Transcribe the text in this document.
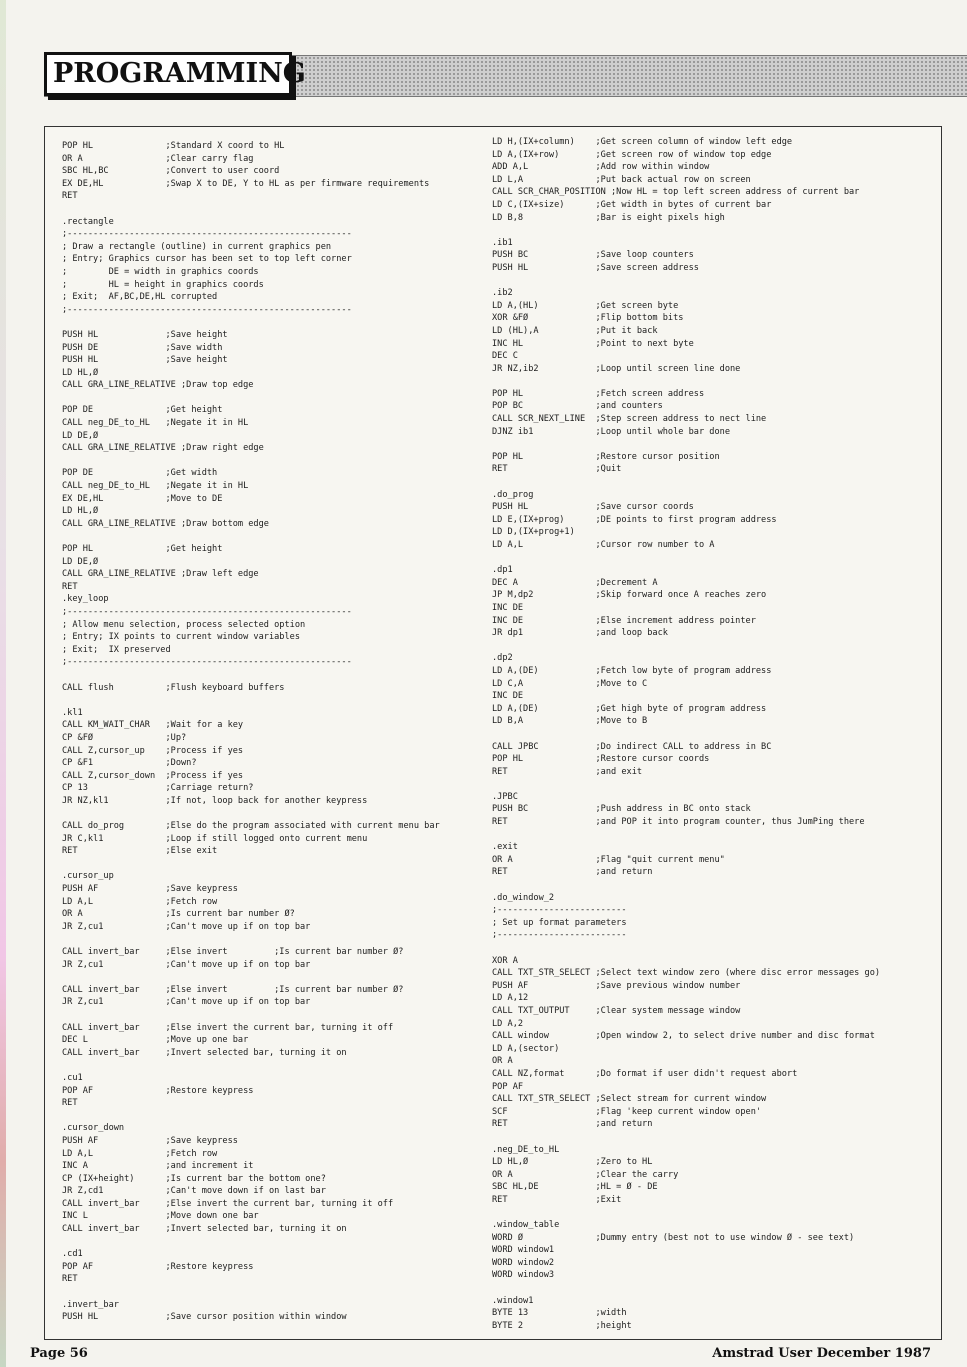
PROGRAMMING
POP HL              ;Standard X coord to HL
OR A                ;Clear carry flag
SBC HL,BC           ;Convert to user coord
EX DE,HL            ;Swap X to DE, Y to HL as per firmware requirements
RET

.rectangle
;-------------------------------------------------------
; Draw a rectangle (outline) in current graphics pen
; Entry; Graphics cursor has been set to top left corner
;        DE = width in graphics coords
;        HL = height in graphics coords
; Exit;  AF,BC,DE,HL corrupted
;-------------------------------------------------------

PUSH HL             ;Save height
PUSH DE             ;Save width
PUSH HL             ;Save height
LD HL,Ø
CALL GRA_LINE_RELATIVE ;Draw top edge

POP DE              ;Get height
CALL neg_DE_to_HL   ;Negate it in HL
LD DE,Ø
CALL GRA_LINE_RELATIVE ;Draw right edge

POP DE              ;Get width
CALL neg_DE_to_HL   ;Negate it in HL
EX DE,HL            ;Move to DE
LD HL,Ø
CALL GRA_LINE_RELATIVE ;Draw bottom edge

POP HL              ;Get height
LD DE,Ø
CALL GRA_LINE_RELATIVE ;Draw left edge
RET
.key_loop
;-------------------------------------------------------
; Allow menu selection, process selected option
; Entry; IX points to current window variables
; Exit;  IX preserved
;-------------------------------------------------------

CALL flush          ;Flush keyboard buffers

.kl1
CALL KM_WAIT_CHAR   ;Wait for a key
CP &FØ              ;Up?
CALL Z,cursor_up    ;Process if yes
CP &F1              ;Down?
CALL Z,cursor_down  ;Process if yes
CP 13               ;Carriage return?
JR NZ,kl1           ;If not, loop back for another keypress

CALL do_prog        ;Else do the program associated with current menu bar
JR C,kl1            ;Loop if still logged onto current menu
RET                 ;Else exit

.cursor_up
PUSH AF             ;Save keypress
LD A,L              ;Fetch row
OR A                ;Is current bar number Ø?
JR Z,cu1            ;Can't move up if on top bar

CALL invert_bar     ;Else invert         ;Is current bar number Ø?
JR Z,cu1            ;Can't move up if on top bar

CALL invert_bar     ;Else invert         ;Is current bar number Ø?
JR Z,cu1            ;Can't move up if on top bar

CALL invert_bar     ;Else invert the current bar, turning it off
DEC L               ;Move up one bar
CALL invert_bar     ;Invert selected bar, turning it on

.cu1
POP AF              ;Restore keypress
RET

.cursor_down
PUSH AF             ;Save keypress
LD A,L              ;Fetch row
INC A               ;and increment it
CP (IX+height)      ;Is current bar the bottom one?
JR Z,cd1            ;Can't move down if on last bar
CALL invert_bar     ;Else invert the current bar, turning it off
INC L               ;Move down one bar
CALL invert_bar     ;Invert selected bar, turning it on

.cd1
POP AF              ;Restore keypress
RET

.invert_bar
PUSH HL             ;Save cursor position within window
LD H,(IX+column)    ;Get screen column of window left edge
LD A,(IX+row)       ;Get screen row of window top edge
ADD A,L             ;Add row within window
LD L,A              ;Put back actual row on screen
CALL SCR_CHAR_POSITION ;Now HL = top left screen address of current bar
LD C,(IX+size)      ;Get width in bytes of current bar
LD B,8              ;Bar is eight pixels high

.ib1
PUSH BC             ;Save loop counters
PUSH HL             ;Save screen address

.ib2
LD A,(HL)           ;Get screen byte
XOR &FØ             ;Flip bottom bits
LD (HL),A           ;Put it back
INC HL              ;Point to next byte
DEC C
JR NZ,ib2           ;Loop until screen line done

POP HL              ;Fetch screen address
POP BC              ;and counters
CALL SCR_NEXT_LINE  ;Step screen address to nect line
DJNZ ib1            ;Loop until whole bar done

POP HL              ;Restore cursor position
RET                 ;Quit

.do_prog
PUSH HL             ;Save cursor coords
LD E,(IX+prog)      ;DE points to first program address
LD D,(IX+prog+1)
LD A,L              ;Cursor row number to A

.dp1
DEC A               ;Decrement A
JP M,dp2            ;Skip forward once A reaches zero
INC DE
INC DE              ;Else increment address pointer
JR dp1              ;and loop back

.dp2
LD A,(DE)           ;Fetch low byte of program address
LD C,A              ;Move to C
INC DE
LD A,(DE)           ;Get high byte of program address
LD B,A              ;Move to B

CALL JPBC           ;Do indirect CALL to address in BC
POP HL              ;Restore cursor coords
RET                 ;and exit

.JPBC
PUSH BC             ;Push address in BC onto stack
RET                 ;and POP it into program counter, thus JumPing there

.exit
OR A                ;Flag "quit current menu"
RET                 ;and return

.do_window_2
;-------------------------
; Set up format parameters
;-------------------------

XOR A
CALL TXT_STR_SELECT ;Select text window zero (where disc error messages go)
PUSH AF             ;Save previous window number
LD A,12
CALL TXT_OUTPUT     ;Clear system message window
LD A,2
CALL window         ;Open window 2, to select drive number and disc format
LD A,(sector)
OR A
CALL NZ,format      ;Do format if user didn't request abort
POP AF
CALL TXT_STR_SELECT ;Select stream for current window
SCF                 ;Flag 'keep current window open'
RET                 ;and return

.neg_DE_to_HL
LD HL,Ø             ;Zero to HL
OR A                ;Clear the carry
SBC HL,DE           ;HL = Ø - DE
RET                 ;Exit

.window_table
WORD Ø              ;Dummy entry (best not to use window Ø - see text)
WORD window1
WORD window2
WORD window3

.window1
BYTE 13             ;width
BYTE 2              ;height
Page 56	Amstrad User December 1987
